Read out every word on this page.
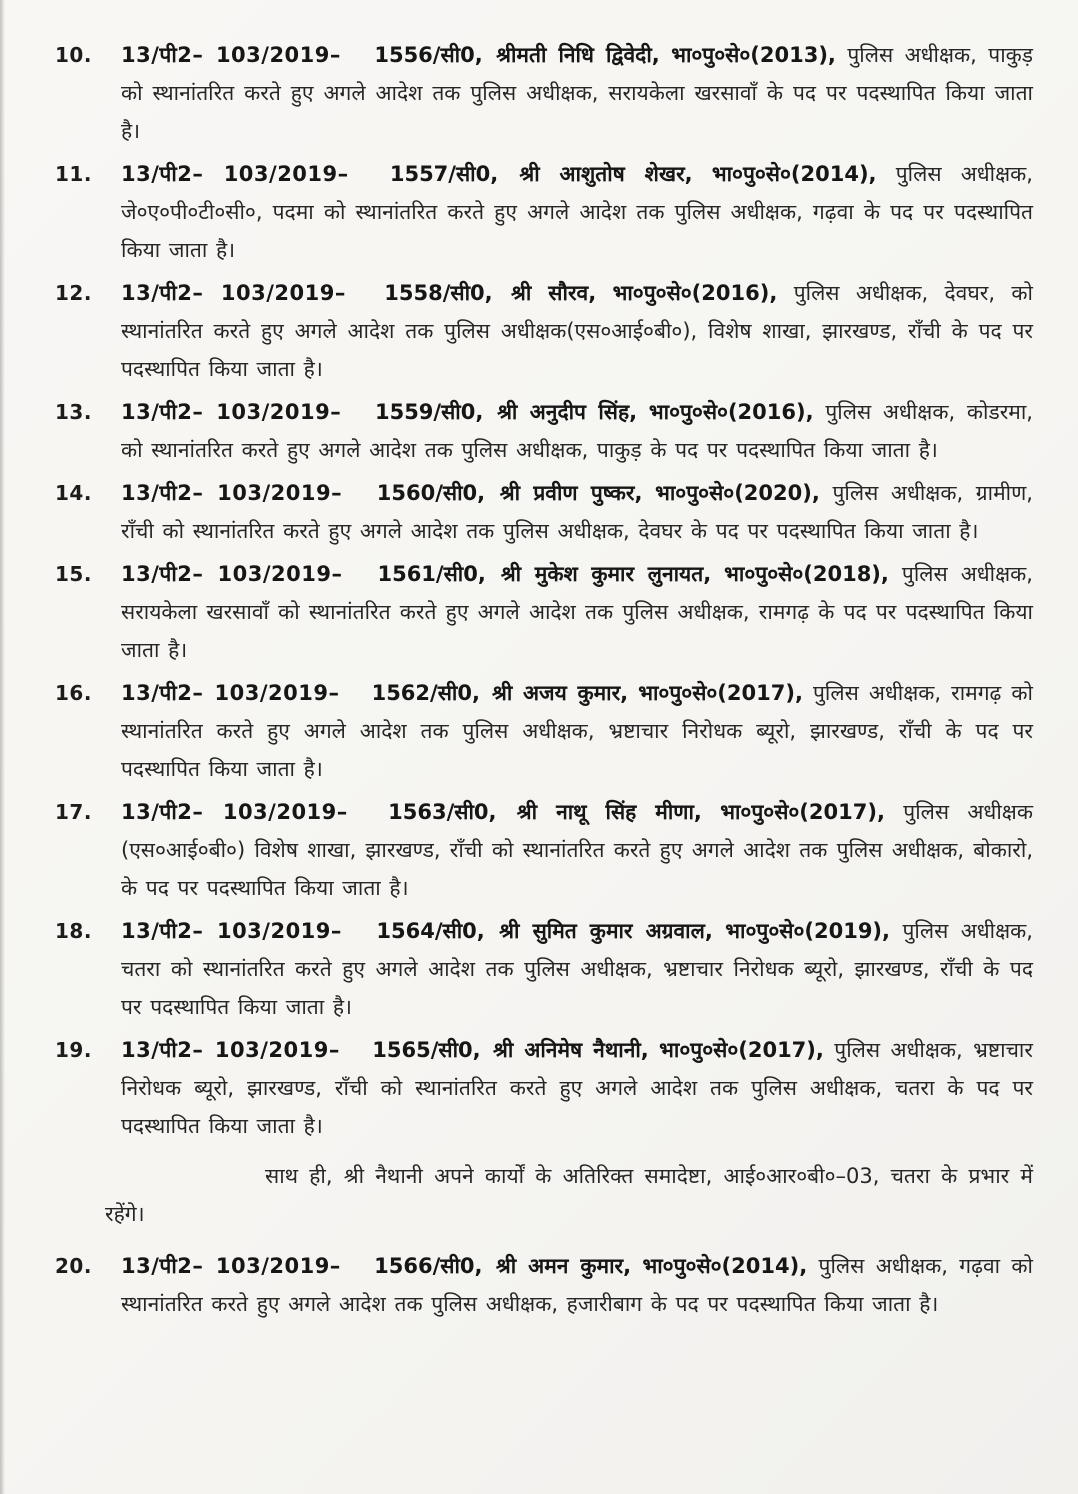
10.	13/पी2– 103/2019– 1556/सी0, श्रीमती निधि द्विवेदी, भा०पु०से०(2013), पुलिस अधीक्षक, पाकुड़ को स्थानांतरित करते हुए अगले आदेश तक पुलिस अधीक्षक, सरायकेला खरसावाँ के पद पर पदस्थापित किया जाता है।

11.	13/पी2– 103/2019– 1557/सी0, श्री आशुतोष शेखर, भा०पु०से०(2014), पुलिस अधीक्षक, जे०ए०पी०टी०सी०, पदमा को स्थानांतरित करते हुए अगले आदेश तक पुलिस अधीक्षक, गढ़वा के पद पर पदस्थापित किया जाता है।

12.	13/पी2– 103/2019– 1558/सी0, श्री सौरव, भा०पु०से०(2016), पुलिस अधीक्षक, देवघर, को स्थानांतरित करते हुए अगले आदेश तक पुलिस अधीक्षक(एस०आई०बी०), विशेष शाखा, झारखण्ड, राँची के पद पर पदस्थापित किया जाता है।

13.	13/पी2– 103/2019– 1559/सी0, श्री अनुदीप सिंह, भा०पु०से०(2016), पुलिस अधीक्षक, कोडरमा, को स्थानांतरित करते हुए अगले आदेश तक पुलिस अधीक्षक, पाकुड़ के पद पर पदस्थापित किया जाता है।

14.	13/पी2– 103/2019– 1560/सी0, श्री प्रवीण पुष्कर, भा०पु०से०(2020), पुलिस अधीक्षक, ग्रामीण, राँची को स्थानांतरित करते हुए अगले आदेश तक पुलिस अधीक्षक, देवघर के पद पर पदस्थापित किया जाता है।

15.	13/पी2– 103/2019– 1561/सी0, श्री मुकेश कुमार लुनायत, भा०पु०से०(2018), पुलिस अधीक्षक, सरायकेला खरसावाँ को स्थानांतरित करते हुए अगले आदेश तक पुलिस अधीक्षक, रामगढ़ के पद पर पदस्थापित किया जाता है।

16.	13/पी2– 103/2019– 1562/सी0, श्री अजय कुमार, भा०पु०से०(2017), पुलिस अधीक्षक, रामगढ़ को स्थानांतरित करते हुए अगले आदेश तक पुलिस अधीक्षक, भ्रष्टाचार निरोधक ब्यूरो, झारखण्ड, राँची के पद पर पदस्थापित किया जाता है।

17.	13/पी2– 103/2019– 1563/सी0, श्री नाथू सिंह मीणा, भा०पु०से०(2017), पुलिस अधीक्षक (एस०आई०बी०) विशेष शाखा, झारखण्ड, राँची को स्थानांतरित करते हुए अगले आदेश तक पुलिस अधीक्षक, बोकारो, के पद पर पदस्थापित किया जाता है।

18.	13/पी2– 103/2019– 1564/सी0, श्री सुमित कुमार अग्रवाल, भा०पु०से०(2019), पुलिस अधीक्षक, चतरा को स्थानांतरित करते हुए अगले आदेश तक पुलिस अधीक्षक, भ्रष्टाचार निरोधक ब्यूरो, झारखण्ड, राँची के पद पर पदस्थापित किया जाता है।

19.	13/पी2– 103/2019– 1565/सी0, श्री अनिमेष नैथानी, भा०पु०से०(2017), पुलिस अधीक्षक, भ्रष्टाचार निरोधक ब्यूरो, झारखण्ड, राँची को स्थानांतरित करते हुए अगले आदेश तक पुलिस अधीक्षक, चतरा के पद पर पदस्थापित किया जाता है।

साथ ही, श्री नैथानी अपने कार्यों के अतिरिक्त समादेष्टा, आई०आर०बी०–03, चतरा के प्रभार में रहेंगे।

20.	13/पी2– 103/2019– 1566/सी0, श्री अमन कुमार, भा०पु०से०(2014), पुलिस अधीक्षक, गढ़वा को स्थानांतरित करते हुए अगले आदेश तक पुलिस अधीक्षक, हजारीबाग के पद पर पदस्थापित किया जाता है।
